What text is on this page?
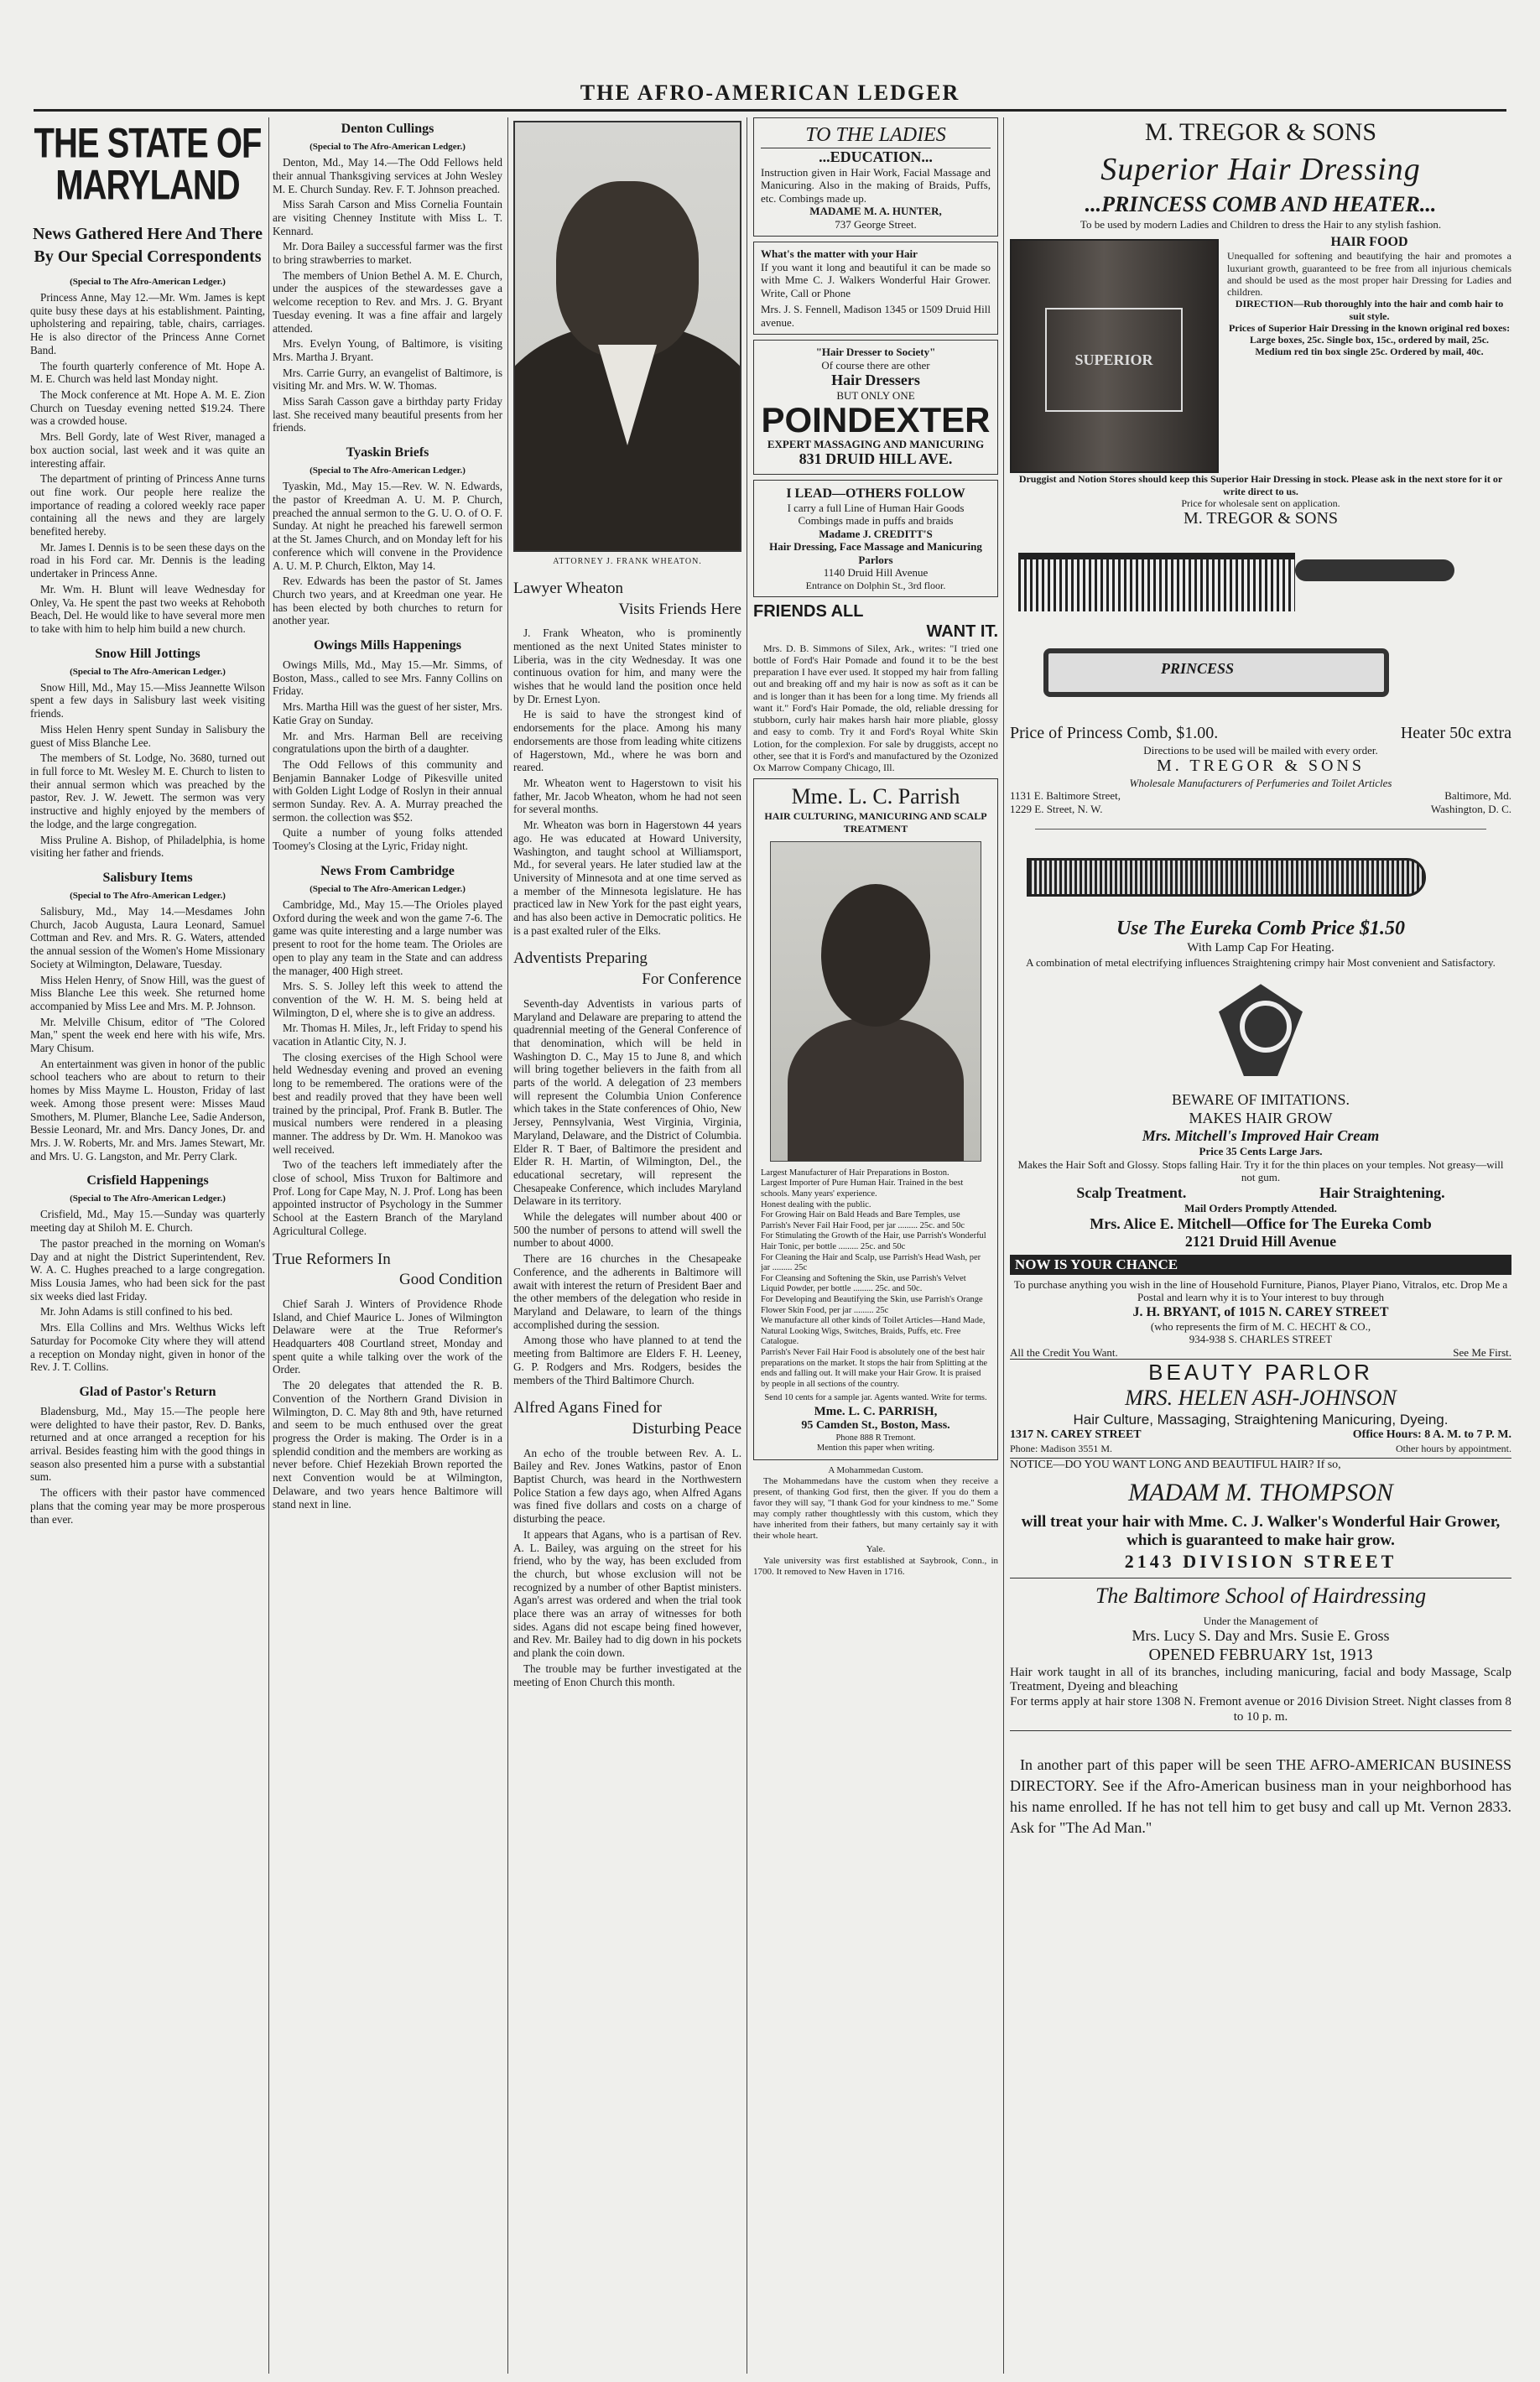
THE AFRO-AMERICAN LEDGER
THE STATE OF MARYLAND
News Gathered Here And There By Our Special Correspondents
(Special to The Afro-American Ledger.)

Princess Anne, May 12.—Mr. Wm. James is kept quite busy these days at his establishment. Painting, upholstering and repairing, table, chairs, carriages. He is also director of the Princess Anne Cornet Band.

The fourth quarterly conference of Mt. Hope A. M. E. Church was held last Monday night.

The Mock conference at Mt. Hope A. M. E. Zion Church on Tuesday evening netted $19.24. There was a crowded house.

Mrs. Bell Gordy, late of West River, managed a box auction social, last week and it was quite an interesting affair.

The department of printing of Princess Anne turns out fine work. Our people here realize the importance of reading a colored weekly race paper containing all the news and they are largely benefited hereby.

Mr. James I. Dennis is to be seen these days on the road in his Ford car. Mr. Dennis is the leading undertaker in Princess Anne.

Mr. Wm. H. Blunt will leave Wednesday for Onley, Va. He spent the past two weeks at Rehoboth Beach, Del. He would like to have several more men to take with him to help him build a new church.

Snow Hill Jottings
(Special to The Afro-American Ledger.)

Snow Hill, Md., May 15.—Miss Jeannette Wilson spent a few days in Salisbury last week visiting friends.

Miss Helen Henry spent Sunday in Salisbury the guest of Miss Blanche Lee.

The members of St. Lodge, No. 3680, turned out in full force to Mt. Wesley M. E. Church to listen to their annual sermon which was preached by the pastor, Rev. J. W. Jewett. The sermon was very instructive and highly enjoyed by the members of the lodge, and the large congregation.

Miss Pruline A. Bishop, of Philadelphia, is home visiting her father and friends.

Salisbury Items
(Special to The Afro-American Ledger.)

Salisbury, Md., May 14.—Mesdames John Church, Jacob Augusta, Laura Leonard, Samuel Cottman and Rev. and Mrs. R. G. Waters, attended the annual session of the Women's Home Missionary Society at Wilmington, Delaware, Tuesday.

Miss Helen Henry, of Snow Hill, was the guest of Miss Blanche Lee this week. She returned home accompanied by Miss Lee and Mrs. M. P. Johnson.

Mr. Melville Chisum, editor of "The Colored Man," spent the week end here with his wife, Mrs. Mary Chisum.

An entertainment was given in honor of the public school teachers who are about to return to their homes by Miss Mayme L. Houston, Friday of last week. Among those present were: Misses Maud Smothers, M. Plumer, Blanche Lee, Sadie Anderson, Bessie Leonard, Mr. and Mrs. Dancy Jones, Dr. and Mrs. J. W. Roberts, Mr. and Mrs. James Stewart, Mr. and Mrs. U. G. Langston, and Mr. Perry Clark.

Crisfield Happenings
(Special to The Afro-American Ledger.)

Crisfield, Md., May 15.—Sunday was quarterly meeting day at Shiloh M. E. Church.

The pastor preached in the morning on Woman's Day and at night the District Superintendent, Rev. W. A. C. Hughes preached to a large congregation. Miss Lousia James, who had been sick for the past six weeks died last Friday.

Mr. John Adams is still confined to his bed.

Mrs. Ella Collins and Mrs. Welthus Wicks left Saturday for Pocomoke City where they will attend a reception on Monday night, given in honor of the Rev. J. T. Collins.

Glad of Pastor's Return

Bladensburg, Md., May 15.—The people here were delighted to have their pastor, Rev. D. Banks, returned and at once arranged a reception for his arrival. Besides feasting him with the good things in season also presented him a purse with a substantial sum.

The officers with their pastor have commenced plans that the coming year may be more prosperous than ever.

Denton Cullings
(Special to The Afro-American Ledger.)

Denton, Md., May 14.—The Odd Fellows held their annual Thanksgiving services at John Wesley M. E. Church Sunday. Rev. F. T. Johnson preached.

Miss Sarah Carson and Miss Cornelia Fountain are visiting Chenney Institute with Miss L. T. Kennard.

Mr. Dora Bailey a successful farmer was the first to bring strawberries to market.

The members of Union Bethel A. M. E. Church, under the auspices of the stewardesses gave a welcome reception to Rev. and Mrs. J. G. Bryant Tuesday evening. It was a fine affair and largely attended.

Mrs. Evelyn Young, of Baltimore, is visiting Mrs. Martha J. Bryant.

Mrs. Carrie Gurry, an evangelist of Baltimore, is visiting Mr. and Mrs. W. W. Thomas.

Miss Sarah Casson gave a birthday party Friday last. She received many beautiful presents from her friends.

Tyaskin Briefs
(Special to The Afro-American Ledger.)

Tyaskin, Md., May 15.—Rev. W. N. Edwards, the pastor of Kreedman A. U. M. P. Church, preached the annual sermon to the G. U. O. of O. F. Sunday. At night he preached his farewell sermon at the St. James Church, and on Monday left for his conference which will convene in the Providence A. U. M. P. Church, Elkton, May 14.

Rev. Edwards has been the pastor of St. James Church two years, and at Kreedman one year. He has been elected by both churches to return for another year.

Owings Mills Happenings

Owings Mills, Md., May 15.—Mr. Simms, of Boston, Mass., called to see Mrs. Fanny Collins on Friday.

Mrs. Martha Hill was the guest of her sister, Mrs. Katie Gray on Sunday.

Mr. and Mrs. Harman Bell are receiving congratulations upon the birth of a daughter.

The Odd Fellows of this community and Benjamin Bannaker Lodge of Pikesville united with Golden Light Lodge of Roslyn in their annual sermon Sunday. Rev. A. A. Murray preached the sermon. the collection was $52.

Quite a number of young folks attended Toomey's Closing at the Lyric, Friday night.

News From Cambridge
(Special to The Afro-American Ledger.)

Cambridge, Md., May 15.—The Orioles played Oxford during the week and won the game 7-6. The game was quite interesting and a large number was present to root for the home team. The Orioles are open to play any team in the State and can address the manager, 400 High street.

Mrs. S. S. Jolley left this week to attend the convention of the W. H. M. S. being held at Wilmington, D el, where she is to give an address.

Mr. Thomas H. Miles, Jr., left Friday to spend his vacation in Atlantic City, N. J.

The closing exercises of the High School were held Wednesday evening and proved an evening long to be remembered. The orations were of the best and readily proved that they have been well trained by the principal, Prof. Frank B. Butler. The musical numbers were rendered in a pleasing manner. The address by Dr. Wm. H. Manokoo was well received.

Two of the teachers left immediately after the close of school, Miss Truxon for Baltimore and Prof. Long for Cape May, N. J. Prof. Long has been appointed instructor of Psychology in the Summer School at the Eastern Branch of the Maryland Agricultural College.

True Reformers In
Good Condition

Chief Sarah J. Winters of Providence Rhode Island, and Chief Maurice L. Jones of Wilmington Delaware were at the True Reformer's Headquarters 408 Courtland street, Monday and spent quite a while talking over the work of the Order.

The 20 delegates that attended the R. B. Convention of the Northern Grand Division in Wilmington, D. C. May 8th and 9th, have returned and seem to be much enthused over the great progress the Order is making. The Order is in a splendid condition and the members are working as never before. Chief Hezekiah Brown reported the next Convention would be at Wilmington, Delaware, and two years hence Baltimore will stand next in line.

ATTORNEY J. FRANK WHEATON.
Lawyer Wheaton
Visits Friends Here

J. Frank Wheaton, who is prominently mentioned as the next United States minister to Liberia, was in the city Wednesday. It was one continuous ovation for him, and many were the wishes that he would land the position once held by Dr. Ernest Lyon.

He is said to have the strongest kind of endorsements for the place. Among his many endorsements are those from leading white citizens of Hagerstown, Md., where he was born and reared.

Mr. Wheaton went to Hagerstown to visit his father, Mr. Jacob Wheaton, whom he had not seen for several months.

Mr. Wheaton was born in Hagerstown 44 years ago. He was educated at Howard University, Washington, and taught school at Williamsport, Md., for several years. He later studied law at the University of Minnesota and at one time served as a member of the Minnesota legislature. He has practiced law in New York for the past eight years, and has also been active in Democratic politics. He is a past exalted ruler of the Elks.

Adventists Preparing
For Conference

Seventh-day Adventists in various parts of Maryland and Delaware are preparing to attend the quadrennial meeting of the General Conference of that denomination, which will be held in Washington D. C., May 15 to June 8, and which will bring together believers in the faith from all parts of the world. A delegation of 23 members will represent the Columbia Union Conference which takes in the State conferences of Ohio, New Jersey, Pennsylvania, West Virginia, Virginia, Maryland, Delaware, and the District of Columbia. Elder R. T Baer, of Baltimore the president and Elder R. H. Martin, of Wilmington, Del., the educational secretary, will represent the Chesapeake Conference, which includes Maryland Delaware in its territory.

While the delegates will number about 400 or 500 the number of persons to attend will swell the number to about 4000.

There are 16 churches in the Chesapeake Conference, and the adherents in Baltimore will await with interest the return of President Baer and the other members of the delegation who reside in Maryland and Delaware, to learn of the things accomplished during the session.

Among those who have planned to at tend the meeting from Baltimore are Elders F. H. Leeney, G. P. Rodgers and Mrs. Rodgers, besides the members of the Third Baltimore Church.

Alfred Agans Fined for
Disturbing Peace

An echo of the trouble between Rev. A. L. Bailey and Rev. Jones Watkins, pastor of Enon Baptist Church, was heard in the Northwestern Police Station a few days ago, when Alfred Agans was fined five dollars and costs on a charge of disturbing the peace.

It appears that Agans, who is a partisan of Rev. A. L. Bailey, was arguing on the street for his friend, who by the way, has been excluded from the church, but whose exclusion will not be recognized by a number of other Baptist ministers. Agan's arrest was ordered and when the trial took place there was an array of witnesses for both sides. Agans did not escape being fined however, and Rev. Mr. Bailey had to dig down in his pockets and plank the coin down.

The trouble may be further investigated at the meeting of Enon Church this month.

TO THE LADIES
...EDUCATION...
Instruction given in Hair Work, Facial Massage and Manicuring. Also in the making of Braids, Puffs, etc. Combings made up.
MADAME M. A. HUNTER,
737 George Street.
What's the matter with your Hair
If you want it long and beautiful it can be made so with Mme C. J. Walkers Wonderful Hair Grower. Write, Call or Phone
Mrs. J. S. Fennell, Madison 1345 or 1509 Druid Hill avenue.
"Hair Dresser to Society"
Of course there are other
Hair Dressers
BUT ONLY ONE
POINDEXTER
EXPERT MASSAGING AND MANICURING
831 DRUID HILL AVE.
I LEAD—OTHERS FOLLOW
I carry a full Line of Human Hair Goods
Combings made in puffs and braids
Madame J. CREDITT'S
Hair Dressing, Face Massage and Manicuring Parlors
1140 Druid Hill Avenue
Entrance on Dolphin St., 3rd floor.
FRIENDS ALL
WANT IT.

Mrs. D. B. Simmons of Silex, Ark., writes: "I tried one bottle of Ford's Hair Pomade and found it to be the best preparation I have ever used. It stopped my hair from falling out and breaking off and my hair is now as soft as it can be and is longer than it has been for a long time. My friends all want it." Ford's Hair Pomade, the old, reliable dressing for stubborn, curly hair makes harsh hair more pliable, glossy and easy to comb. Try it and Ford's Royal White Skin Lotion, for the complexion. For sale by druggists, accept no other, see that it is Ford's and manufactured by the Ozonized Ox Marrow Company Chicago, Ill.

Mme. L. C. Parrish
HAIR CULTURING, MANICURING AND SCALP TREATMENT
Largest Manufacturer of Hair Preparations in Boston.
Largest Importer of Pure Human Hair. Trained in the best schools. Many years' experience.
Honest dealing with the public.
For Growing Hair on Bald Heads and Bare Temples, use Parrish's Never Fail Hair Food, per jar ......... 25c. and 50c
For Stimulating the Growth of the Hair, use Parrish's Wonderful Hair Tonic, per bottle ......... 25c. and 50c
For Cleaning the Hair and Scalp, use Parrish's Head Wash, per jar ......... 25c
For Cleansing and Softening the Skin, use Parrish's Velvet Liquid Powder, per bottle ......... 25c. and 50c.
For Developing and Beautifying the Skin, use Parrish's Orange Flower Skin Food, per jar ......... 25c
We manufacture all other kinds of Toilet Articles—Hand Made, Natural Looking Wigs, Switches, Braids, Puffs, etc. Free Catalogue.
Parrish's Never Fail Hair Food is absolutely one of the best hair preparations on the market. It stops the hair from Splitting at the ends and falling out. It will make your Hair Grow. It is praised by people in all sections of the country.
Send 10 cents for a sample jar. Agents wanted. Write for terms.
Mme. L. C. PARRISH,
95 Camden St., Boston, Mass.
Phone 888 R Tremont.
Mention this paper when writing.
A Mohammedan Custom.

The Mohammedans have the custom when they receive a present, of thanking God first, then the giver. If you do them a favor they will say, "I thank God for your kindness to me." Some may comply rather thoughtlessly with this custom, which they have inherited from their fathers, but many certainly say it with their whole heart.

Yale.

Yale university was first established at Saybrook, Conn., in 1700. It removed to New Haven in 1716.

M. TREGOR & SONS
Superior Hair Dressing
...PRINCESS COMB AND HEATER...
To be used by modern Ladies and Children to dress the Hair to any stylish fashion.
SUPERIOR
HAIR FOOD
Unequalled for softening and beautifying the hair and promotes a luxuriant growth, guaranteed to be free from all injurious chemicals and should be used as the most proper hair Dressing for Ladies and children.
DIRECTION—Rub thoroughly into the hair and comb hair to suit style.
Prices of Superior Hair Dressing in the known original red boxes:
Large boxes, 25c. Single box, 15c., ordered by mail, 25c.
Medium red tin box single 25c. Ordered by mail, 40c.
Druggist and Notion Stores should keep this Superior Hair Dressing in stock. Please ask in the next store for it or write direct to us.
Price for wholesale sent on application.
M. TREGOR & SONS
PRINCESS
Price of Princess Comb, $1.00.	Heater 50c extra
Directions to be used will be mailed with every order.
M. TREGOR & SONS
Wholesale Manufacturers of Perfumeries and Toilet Articles
1131 E. Baltimore Street,	Baltimore, Md.
1229 E. Street, N. W.	Washington, D. C.
Use The Eureka Comb Price $1.50
With Lamp Cap For Heating.
A combination of metal electrifying influences Straightening crimpy hair Most convenient and Satisfactory.
BEWARE OF IMITATIONS.
MAKES HAIR GROW
Mrs. Mitchell's Improved Hair Cream
Price 35 Cents Large Jars.
Makes the Hair Soft and Glossy. Stops falling Hair. Try it for the thin places on your temples. Not greasy—will not gum.
Scalp Treatment.	Hair Straightening.
Mail Orders Promptly Attended.
Mrs. Alice E. Mitchell—Office for The Eureka Comb
2121 Druid Hill Avenue
NOW IS YOUR CHANCE
To purchase anything you wish in the line of Household Furniture, Pianos, Player Piano, Vitralos, etc. Drop Me a Postal and learn why it is to Your interest to buy through
J. H. BRYANT, of 1015 N. CAREY STREET
(who represents the firm of M. C. HECHT & CO.,
934-938 S. CHARLES STREET
All the Credit You Want.	See Me First.
BEAUTY PARLOR
MRS. HELEN ASH-JOHNSON
Hair Culture, Massaging, Straightening Manicuring, Dyeing.
1317 N. CAREY STREET	Office Hours: 8 A. M. to 7 P. M.
Phone: Madison 3551 M.	Other hours by appointment.
NOTICE—DO YOU WANT LONG AND BEAUTIFUL HAIR? If so,
MADAM M. THOMPSON
will treat your hair with Mme. C. J. Walker's Wonderful Hair Grower, which is guaranteed to make hair grow.
2143 DIVISION STREET
The Baltimore School of Hairdressing
Under the Management of
Mrs. Lucy S. Day and Mrs. Susie E. Gross
OPENED FEBRUARY 1st, 1913
Hair work taught in all of its branches, including manicuring, facial and body Massage, Scalp Treatment, Dyeing and bleaching
For terms apply at hair store 1308 N. Fremont avenue or 2016 Division Street. Night classes from 8 to 10 p. m.

In another part of this paper will be seen THE AFRO-AMERICAN BUSINESS DIRECTORY. See if the Afro-American business man in your neighborhood has his name enrolled. If he has not tell him to get busy and call up Mt. Vernon 2833. Ask for "The Ad Man."
